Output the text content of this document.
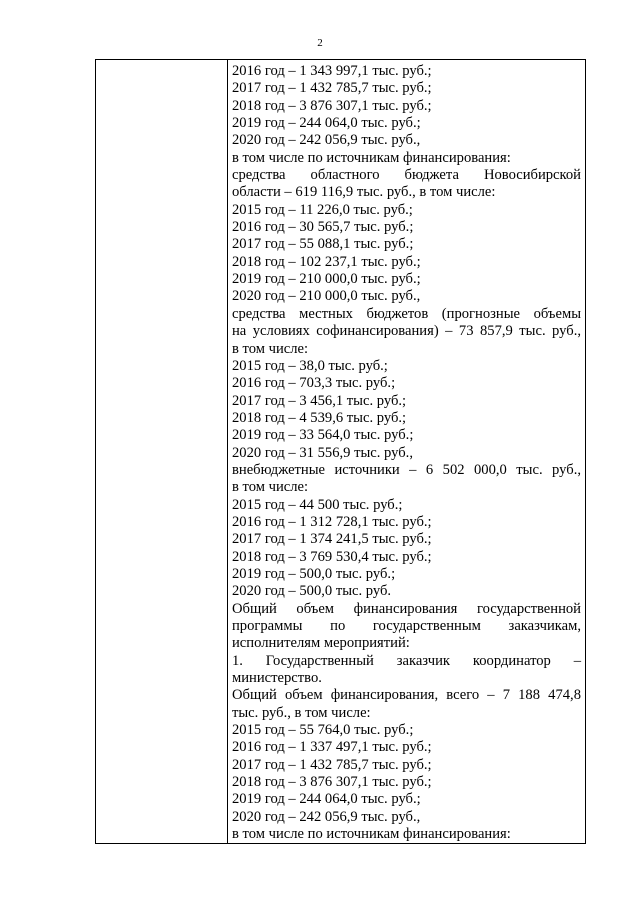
2
2016 год – 1 343 997,1 тыс. руб.;
2017 год – 1 432 785,7 тыс. руб.;
2018 год – 3 876 307,1 тыс. руб.;
2019 год – 244 064,0 тыс. руб.;
2020 год – 242 056,9 тыс. руб.,
в том числе по источникам финансирования:
средства областного бюджета Новосибирской
области – 619 116,9 тыс. руб., в том числе:
2015 год – 11 226,0 тыс. руб.;
2016 год – 30 565,7 тыс. руб.;
2017 год – 55 088,1 тыс. руб.;
2018 год – 102 237,1 тыс. руб.;
2019 год – 210 000,0 тыс. руб.;
2020 год – 210 000,0 тыс. руб.,
средства местных бюджетов (прогнозные объемы
на условиях софинансирования) – 73 857,9 тыс. руб.,
в том числе:
2015 год – 38,0 тыс. руб.;
2016 год – 703,3 тыс. руб.;
2017 год – 3 456,1 тыс. руб.;
2018 год – 4 539,6 тыс. руб.;
2019 год – 33 564,0 тыс. руб.;
2020 год – 31 556,9 тыс. руб.,
внебюджетные источники – 6 502 000,0 тыс. руб.,
в том числе:
2015 год – 44 500 тыс. руб.;
2016 год – 1 312 728,1 тыс. руб.;
2017 год – 1 374 241,5 тыс. руб.;
2018 год – 3 769 530,4 тыс. руб.;
2019 год – 500,0 тыс. руб.;
2020 год – 500,0 тыс. руб.
Общий объем финансирования государственной
программы по государственным заказчикам,
исполнителям мероприятий:
1. Государственный заказчик координатор –
министерство.
Общий объем финансирования, всего – 7 188 474,8
тыс. руб., в том числе:
2015 год – 55 764,0 тыс. руб.;
2016 год – 1 337 497,1 тыс. руб.;
2017 год – 1 432 785,7 тыс. руб.;
2018 год – 3 876 307,1 тыс. руб.;
2019 год – 244 064,0 тыс. руб.;
2020 год – 242 056,9 тыс. руб.,
в том числе по источникам финансирования:
